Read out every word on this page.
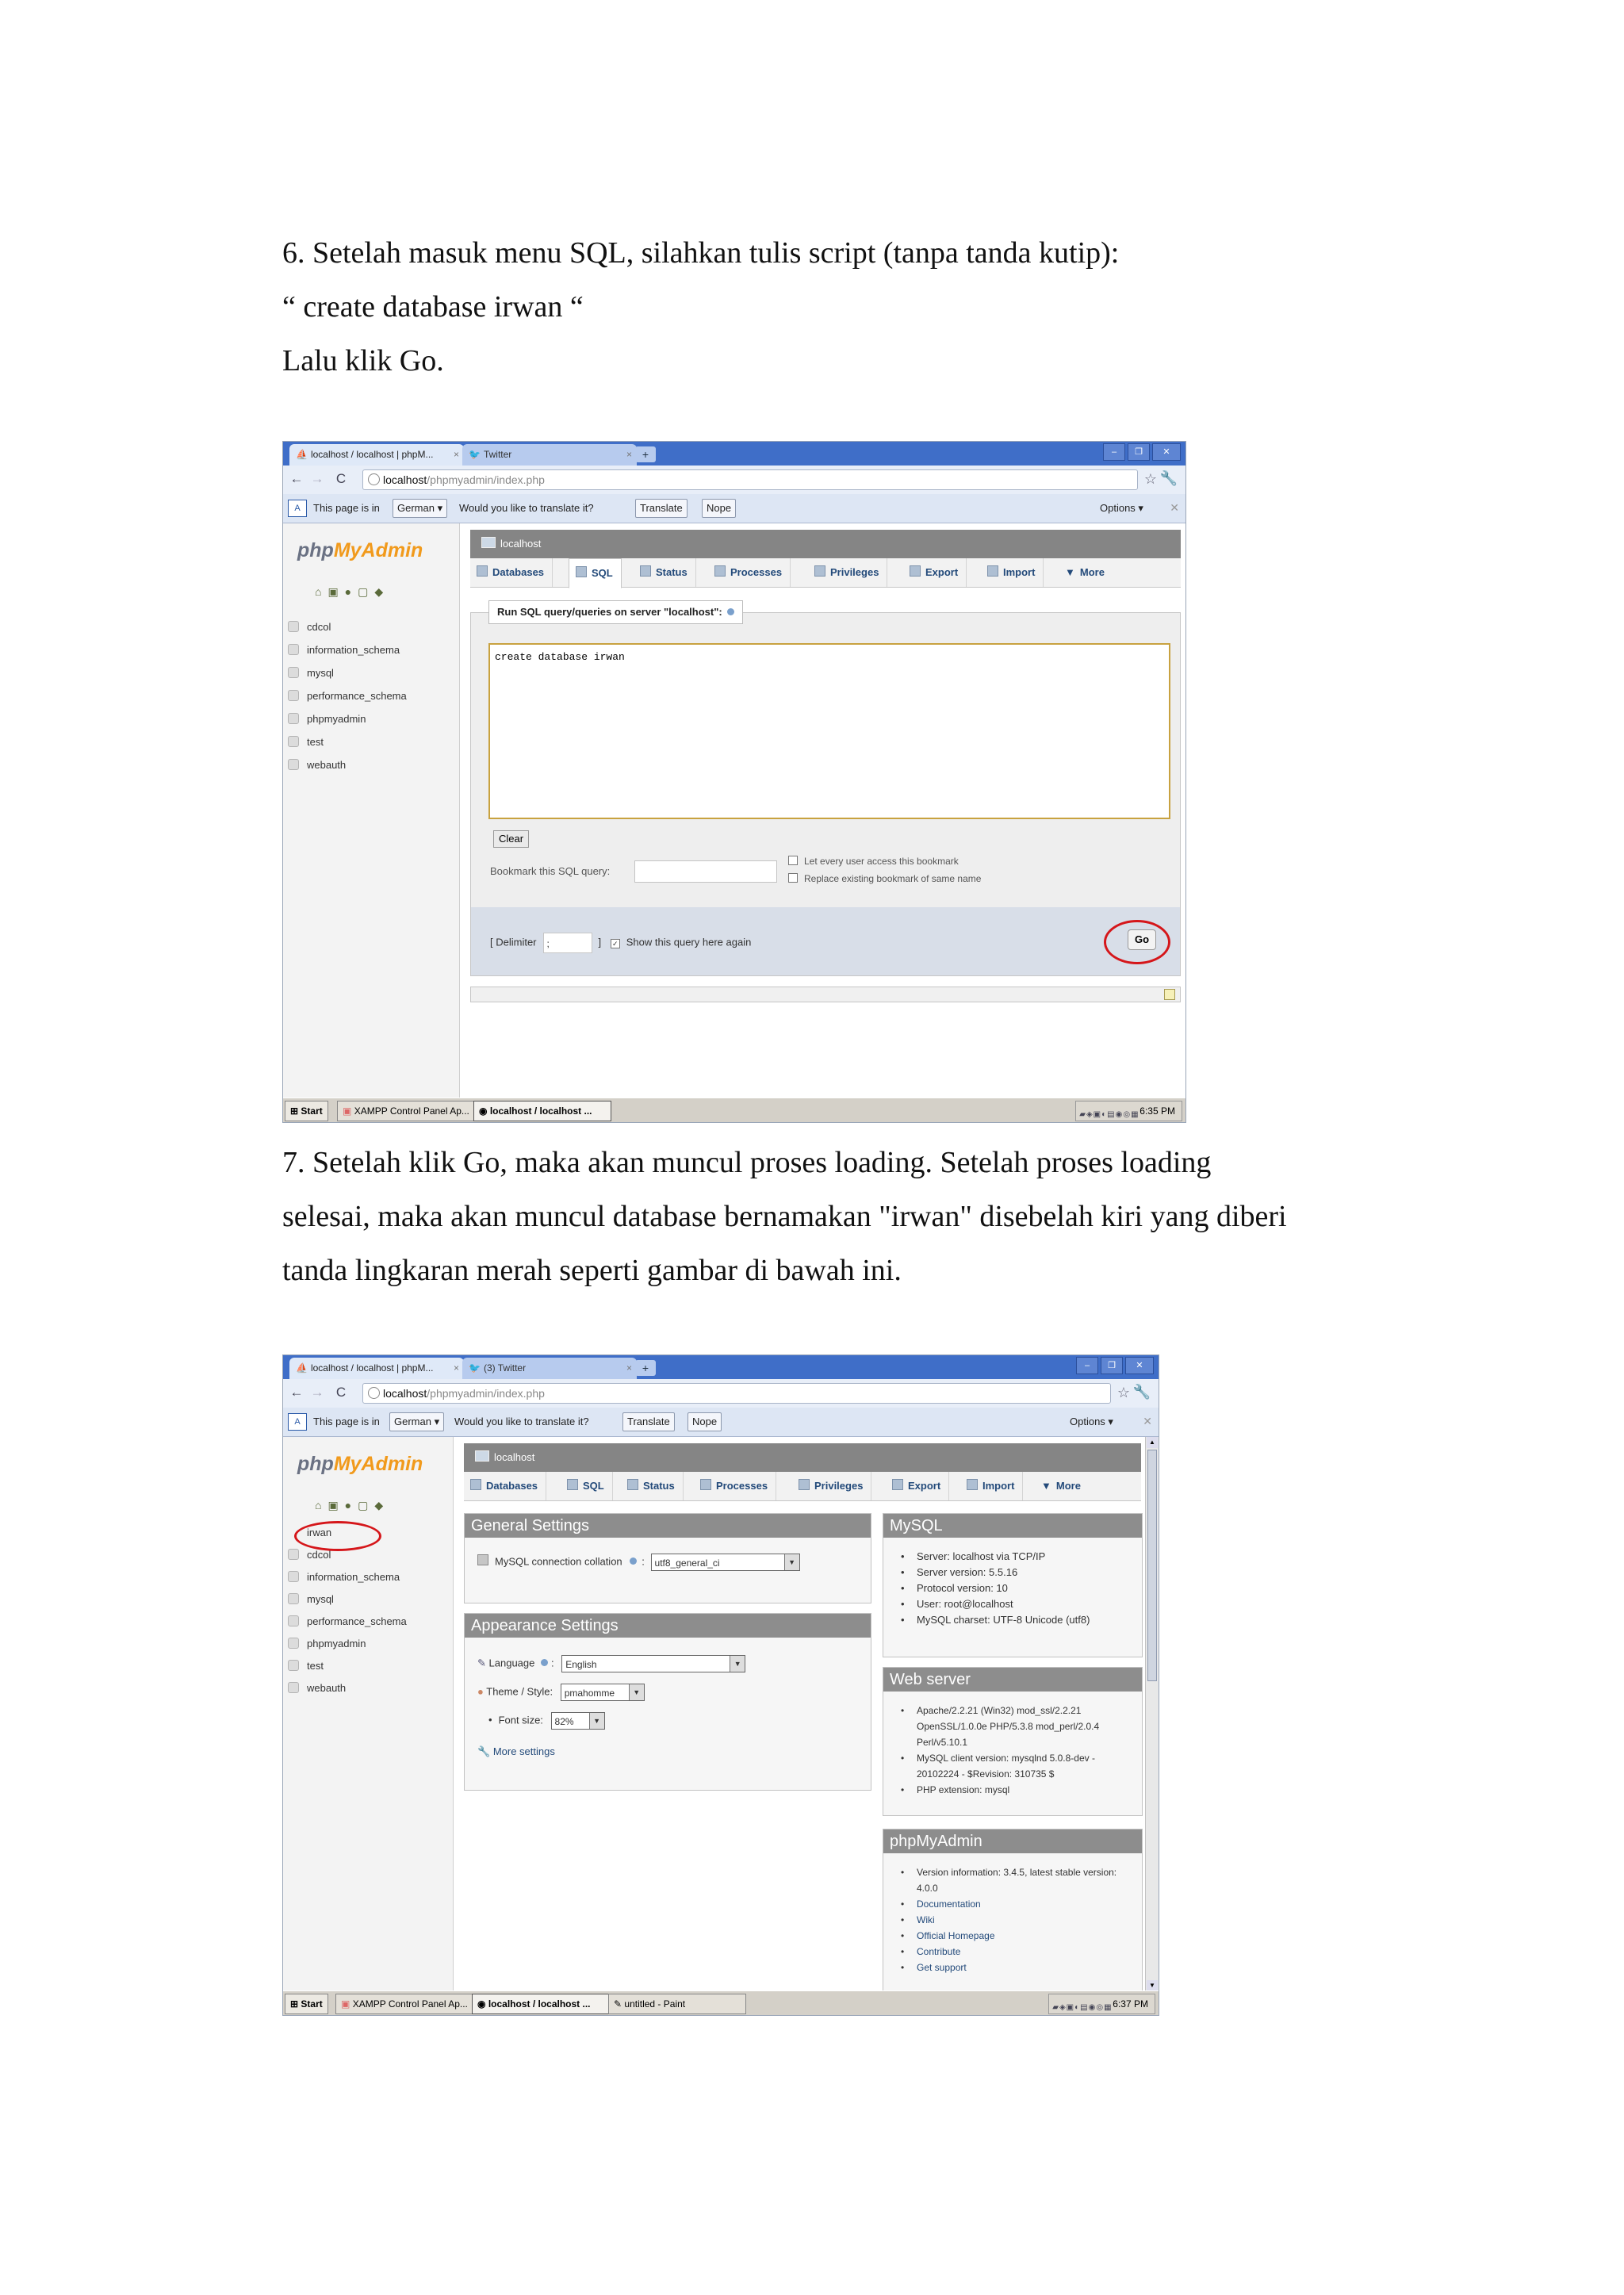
6. Setelah masuk menu SQL, silahkan tulis script (tanpa tanda kutip):
“ create database irwan “
Lalu klik Go.
⛵ localhost / localhost | phpM... ×	🐦 Twitter	× +	– ❐ ✕
← → C	localhost/phpmyadmin/index.php	☆ 🔧
A	This page is in	German ▾	Would you like to translate it?	Translate	Nope	Options ▾ ✕
phpMyAdmin
⌂▣●▢◆
cdcol
information_schema
mysql
performance_schema
phpmyadmin
test
webauth
localhost
Databases	SQL	Status	Processes	Privileges	Export	Import	▼ More
Run SQL query/queries on server "localhost":
create database irwan
Clear
Bookmark this SQL query:
Let every user access this bookmark
Replace existing bookmark of same name
[ Delimiter ;	] ✓ Show this query here again	Go
⊞ Start	▣ XAMPP Control Panel Ap...	◉ localhost / localhost ...	▰◈▣◐▤◉◎▦ 6:35 PM
7. Setelah klik Go, maka akan muncul proses loading. Setelah proses loading
selesai, maka akan muncul database bernamakan "irwan" disebelah kiri yang diberi
tanda lingkaran merah seperti gambar di bawah ini.
⛵ localhost / localhost | phpM... ×	🐦 (3) Twitter	× +	– ❐ ✕
← → C	localhost/phpmyadmin/index.php	☆ 🔧
A	This page is in	German ▾	Would you like to translate it?	Translate	Nope	Options ▾	✕
phpMyAdmin
⌂▣●▢◆
irwan
cdcol
information_schema
mysql
performance_schema
phpmyadmin
test
webauth
localhost
Databases	SQL	Status	Processes	Privileges	Export	Import	▼ More
General Settings
MySQL connection collation : utf8_general_ci	▼
Appearance Settings
✎ Language : English	▼
● Theme / Style: pmahomme	▼
• Font size: 82%	▼
🔧 More settings
MySQL
• Server: localhost via TCP/IP
• Server version: 5.5.16
• Protocol version: 10
• User: root@localhost
• MySQL charset: UTF-8 Unicode (utf8)
Web server
• Apache/2.2.21 (Win32) mod_ssl/2.2.21 OpenSSL/1.0.0e PHP/5.3.8 mod_perl/2.0.4 Perl/v5.10.1
• MySQL client version: mysqlnd 5.0.8-dev - 20102224 - $Revision: 310735 $
• PHP extension: mysql
phpMyAdmin
• Version information: 3.4.5, latest stable version: 4.0.0
• Documentation
• Wiki
• Official Homepage
• Contribute
• Get support
▲
▼
⊞ Start	▣ XAMPP Control Panel Ap...	◉ localhost / localhost ...	✎ untitled - Paint	▰◈▣◐▤◉◎▦ 6:37 PM
